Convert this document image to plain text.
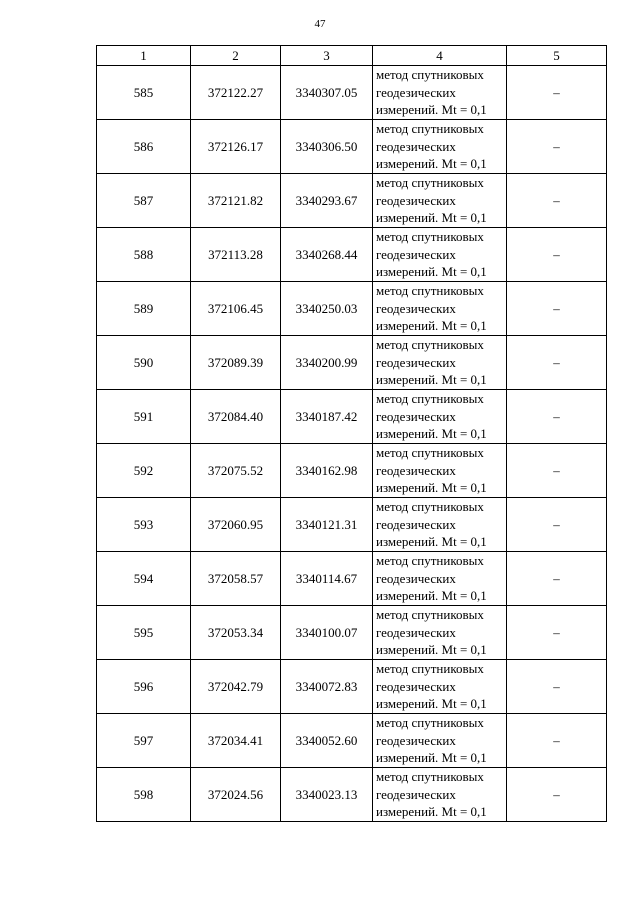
47
1	2	3	4	5
585	372122.27	3340307.05	метод спутниковых геодезических измерений. Mt = 0,1	–
586	372126.17	3340306.50	метод спутниковых геодезических измерений. Mt = 0,1	–
587	372121.82	3340293.67	метод спутниковых геодезических измерений. Mt = 0,1	–
588	372113.28	3340268.44	метод спутниковых геодезических измерений. Mt = 0,1	–
589	372106.45	3340250.03	метод спутниковых геодезических измерений. Mt = 0,1	–
590	372089.39	3340200.99	метод спутниковых геодезических измерений. Mt = 0,1	–
591	372084.40	3340187.42	метод спутниковых геодезических измерений. Mt = 0,1	–
592	372075.52	3340162.98	метод спутниковых геодезических измерений. Mt = 0,1	–
593	372060.95	3340121.31	метод спутниковых геодезических измерений. Mt = 0,1	–
594	372058.57	3340114.67	метод спутниковых геодезических измерений. Mt = 0,1	–
595	372053.34	3340100.07	метод спутниковых геодезических измерений. Mt = 0,1	–
596	372042.79	3340072.83	метод спутниковых геодезических измерений. Mt = 0,1	–
597	372034.41	3340052.60	метод спутниковых геодезических измерений. Mt = 0,1	–
598	372024.56	3340023.13	метод спутниковых геодезических измерений. Mt = 0,1	–
